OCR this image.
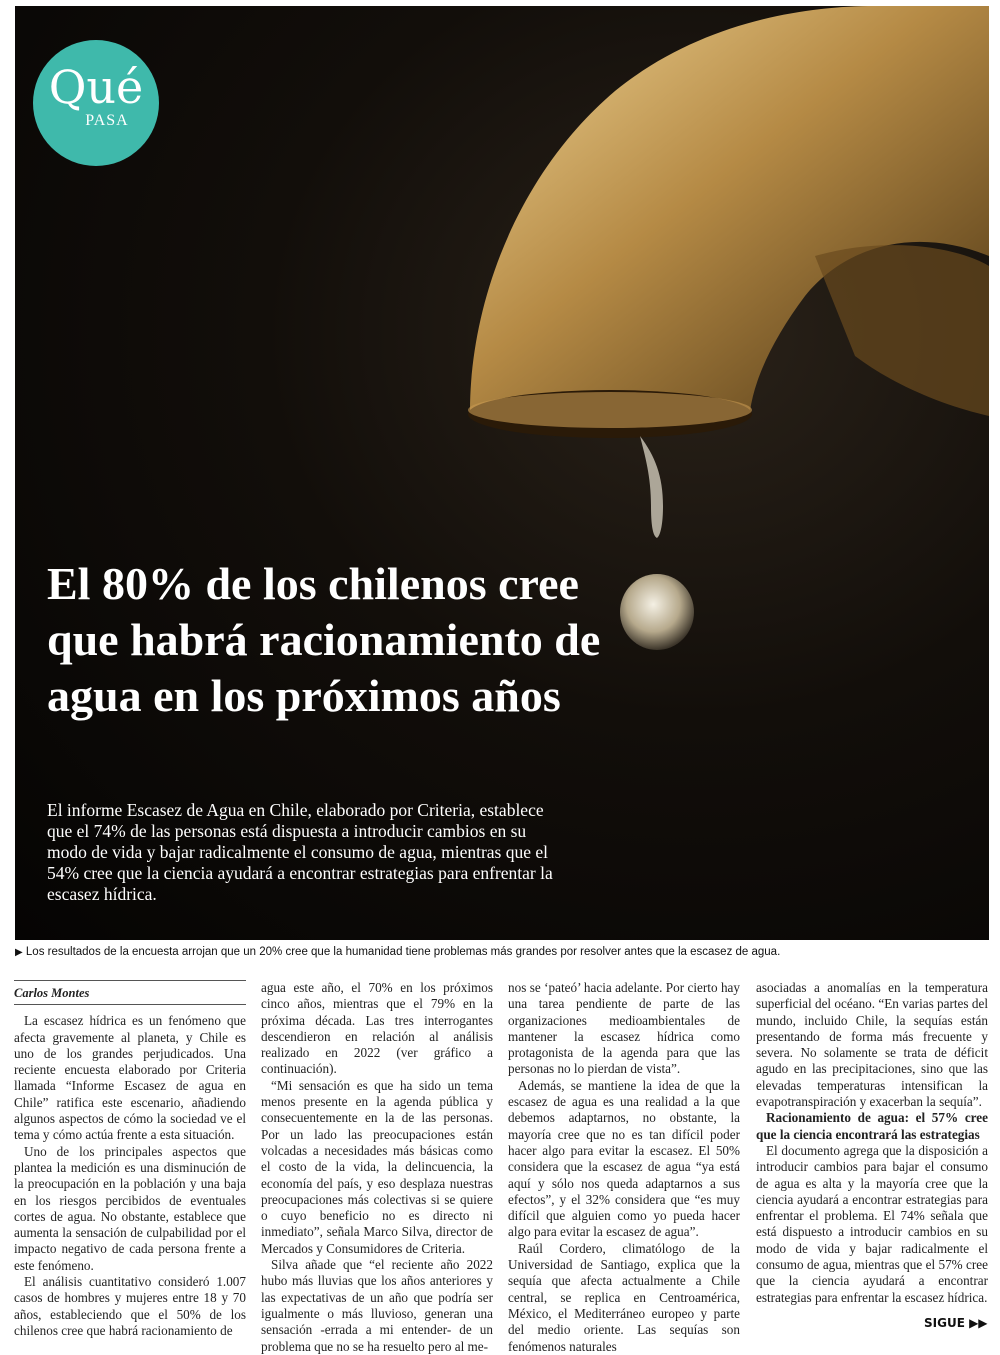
Qué
PASA
El 80% de los chilenos cree que habrá racionamiento de agua en los próximos años

El informe Escasez de Agua en Chile, elaborado por Criteria, establece que el 74% de las personas está dispuesta a introducir cambios en su modo de vida y bajar radicalmente el consumo de agua, mientras que el 54% cree que la ciencia ayudará a encontrar estrategias para enfrentar la escasez hídrica.

▶ Los resultados de la encuesta arrojan que un 20% cree que la humanidad tiene problemas más grandes por resolver antes que la escasez de agua.

Carlos Montes

La escasez hídrica es un fenómeno que afecta gravemente al planeta, y Chile es uno de los grandes perjudicados. Una reciente encuesta elaborado por Criteria llamada “Informe Escasez de agua en Chile” ratifica este escenario, añadiendo algunos aspectos de cómo la sociedad ve el tema y cómo actúa frente a esta situación.

Uno de los principales aspectos que plantea la medición es una disminución de la preocupación en la población y una baja en los riesgos percibidos de eventuales cortes de agua. No obstante, establece que aumenta la sensación de culpabilidad por el impacto negativo de cada persona frente a este fenómeno.

El análisis cuantitativo consideró 1.007 casos de hombres y mujeres entre 18 y 70 años, estableciendo que el 50% de los chilenos cree que habrá racionamiento de

agua este año, el 70% en los próximos cinco años, mientras que el 79% en la próxima década. Las tres interrogantes descendieron en relación al análisis realizado en 2022 (ver gráfico a continuación).

“Mi sensación es que ha sido un tema menos presente en la agenda pública y consecuentemente en la de las personas. Por un lado las preocupaciones están volcadas a necesidades más básicas como el costo de la vida, la delincuencia, la economía del país, y eso desplaza nuestras preocupaciones más colectivas si se quiere o cuyo beneficio no es directo ni inmediato”, señala Marco Silva, director de Mercados y Consumidores de Criteria.

Silva añade que “el reciente año 2022 hubo más lluvias que los años anteriores y las expectativas de un año que podría ser igualmente o más lluvioso, generan una sensación -errada a mi entender- de un problema que no se ha resuelto pero al me-

nos se ‘pateó’ hacia adelante. Por cierto hay una tarea pendiente de parte de las organizaciones medioambientales de mantener la escasez hídrica como protagonista de la agenda para que las personas no lo pierdan de vista”.

Además, se mantiene la idea de que la escasez de agua es una realidad a la que debemos adaptarnos, no obstante, la mayoría cree que no es tan difícil poder hacer algo para evitar la escasez. El 50% considera que la escasez de agua “ya está aquí y sólo nos queda adaptarnos a sus efectos”, y el 32% considera que “es muy difícil que alguien como yo pueda hacer algo para evitar la escasez de agua”.

Raúl Cordero, climatólogo de la Universidad de Santiago, explica que la sequía que afecta actualmente a Chile central, se replica en Centroamérica, México, el Mediterráneo europeo y parte del medio oriente. Las sequías son fenómenos naturales

asociadas a anomalías en la temperatura superficial del océano. “En varias partes del mundo, incluido Chile, la sequías están presentando de forma más frecuente y severa. No solamente se trata de déficit agudo en las precipitaciones, sino que las elevadas temperaturas intensifican la evapotranspiración y exacerban la sequía”.

Racionamiento de agua: el 57% cree que la ciencia encontrará las estrategias

El documento agrega que la disposición a introducir cambios para bajar el consumo de agua es alta y la mayoría cree que la ciencia ayudará a encontrar estrategias para enfrentar el problema. El 74% señala que está dispuesto a introducir cambios en su modo de vida y bajar radicalmente el consumo de agua, mientras que el 57% cree que la ciencia ayudará a encontrar estrategias para enfrentar la escasez hídrica.

SIGUE ▶▶
